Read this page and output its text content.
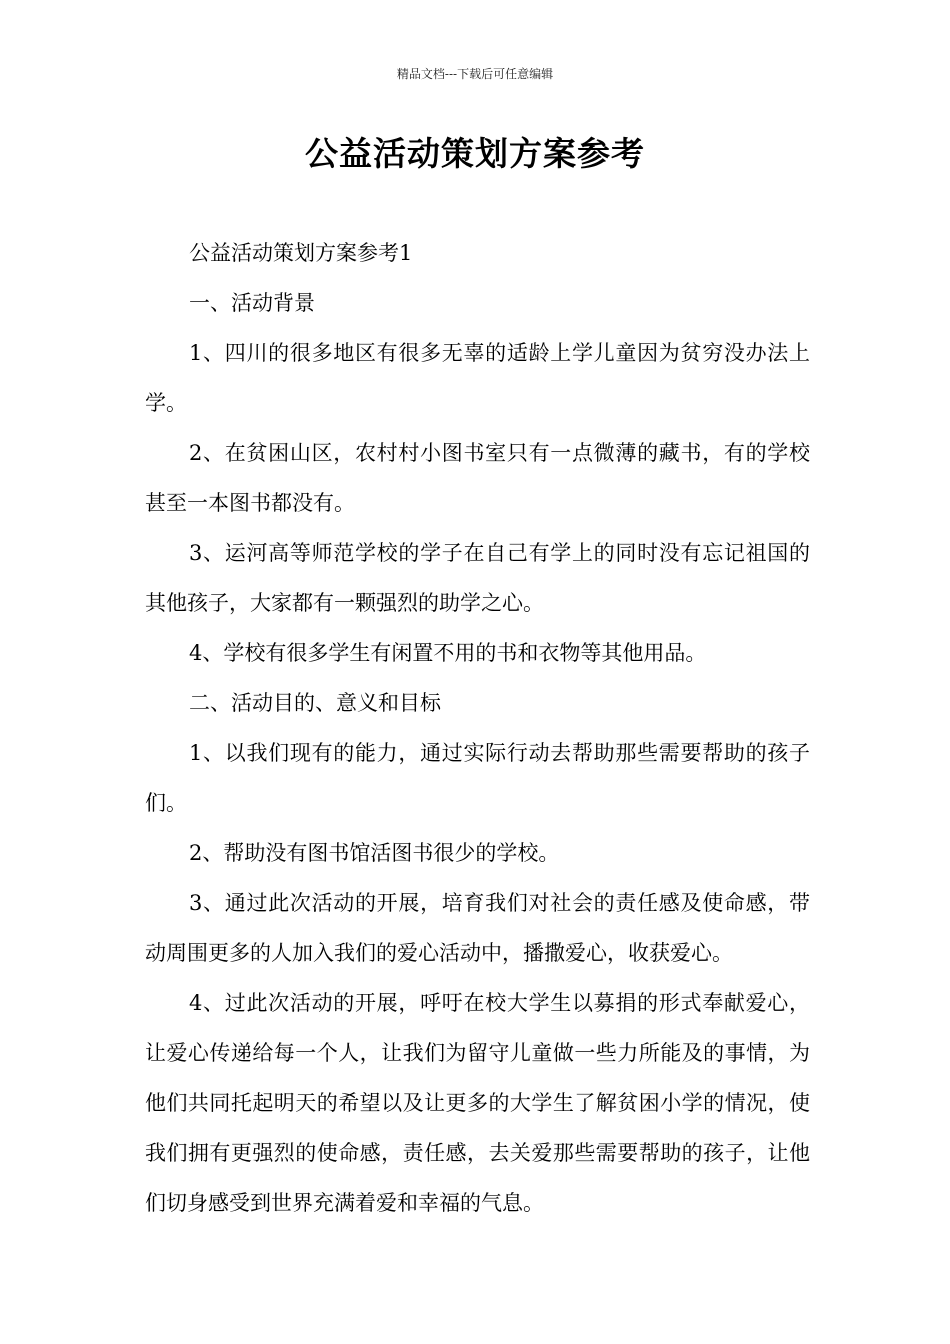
精品文档---下载后可任意编辑
公益活动策划方案参考

公益活动策划方案参考1

一、活动背景

1、四川的很多地区有很多无辜的适龄上学儿童因为贫穷没办法上学。

2、在贫困山区，农村村小图书室只有一点微薄的藏书，有的学校甚至一本图书都没有。

3、运河高等师范学校的学子在自己有学上的同时没有忘记祖国的其他孩子，大家都有一颗强烈的助学之心。

4、学校有很多学生有闲置不用的书和衣物等其他用品。

二、活动目的、意义和目标

1、以我们现有的能力，通过实际行动去帮助那些需要帮助的孩子们。

2、帮助没有图书馆活图书很少的学校。

3、通过此次活动的开展，培育我们对社会的责任感及使命感，带动周围更多的人加入我们的爱心活动中，播撒爱心，收获爱心。

4、过此次活动的开展，呼吁在校大学生以募捐的形式奉献爱心，让爱心传递给每一个人，让我们为留守儿童做一些力所能及的事情，为他们共同托起明天的希望以及让更多的大学生了解贫困小学的情况，使我们拥有更强烈的使命感，责任感，去关爱那些需要帮助的孩子，让他们切身感受到世界充满着爱和幸福的气息。
